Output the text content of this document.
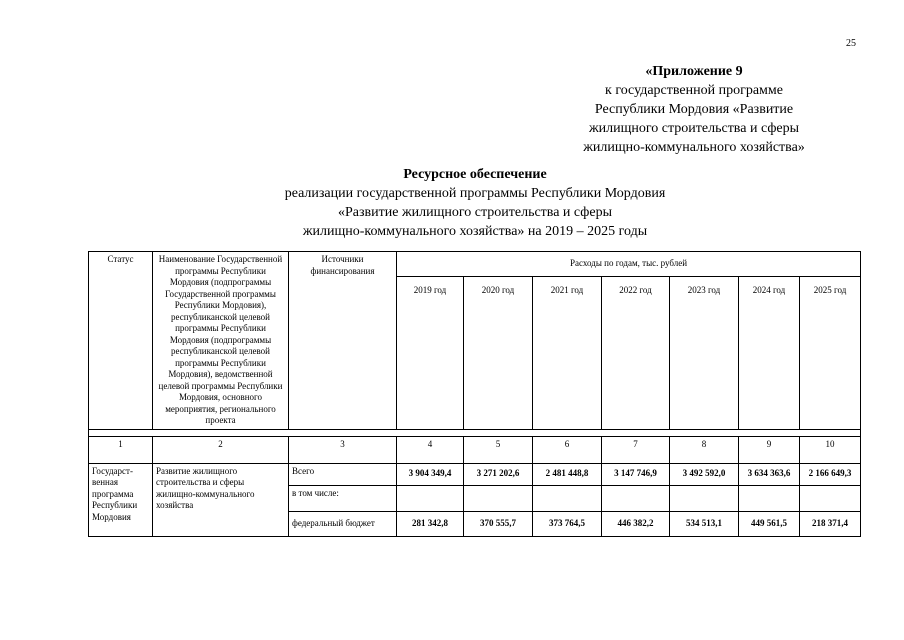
25
«Приложение 9
к государственной программе
Республики Мордовия «Развитие
жилищного строительства и сферы
жилищно-коммунального хозяйства»
Ресурсное обеспечение
реализации государственной программы Республики Мордовия
«Развитие жилищного строительства и сферы
жилищно-коммунального хозяйства» на 2019 – 2025 годы
Статус	Наименование Государственной программы Республики Мордовия (подпрограммы Государственной программы Республики Мордовия), республиканской целевой программы Республики Мордовия (подпрограммы республиканской целевой программы Республики Мордовия), ведомственной целевой программы Республики Мордовия, основного мероприятия, регионального проекта	Источники финансирования	Расходы по годам, тыс. рублей						
			2019 год	2020 год	2021 год	2022 год	2023 год	2024 год	2025 год

1	2	3	4	5	6	7	8	9	10
Государст-венная программа Республики Мордовия	Развитие жилищного строительства и сферы жилищно-коммунального хозяйства	Всего	3 904 349,4	3 271 202,6	2 481 448,8	3 147 746,9	3 492 592,0	3 634 363,6	2 166 649,3
		в том числе:							
		федеральный бюджет	281 342,8	370 555,7	373 764,5	446 382,2	534 513,1	449 561,5	218 371,4
